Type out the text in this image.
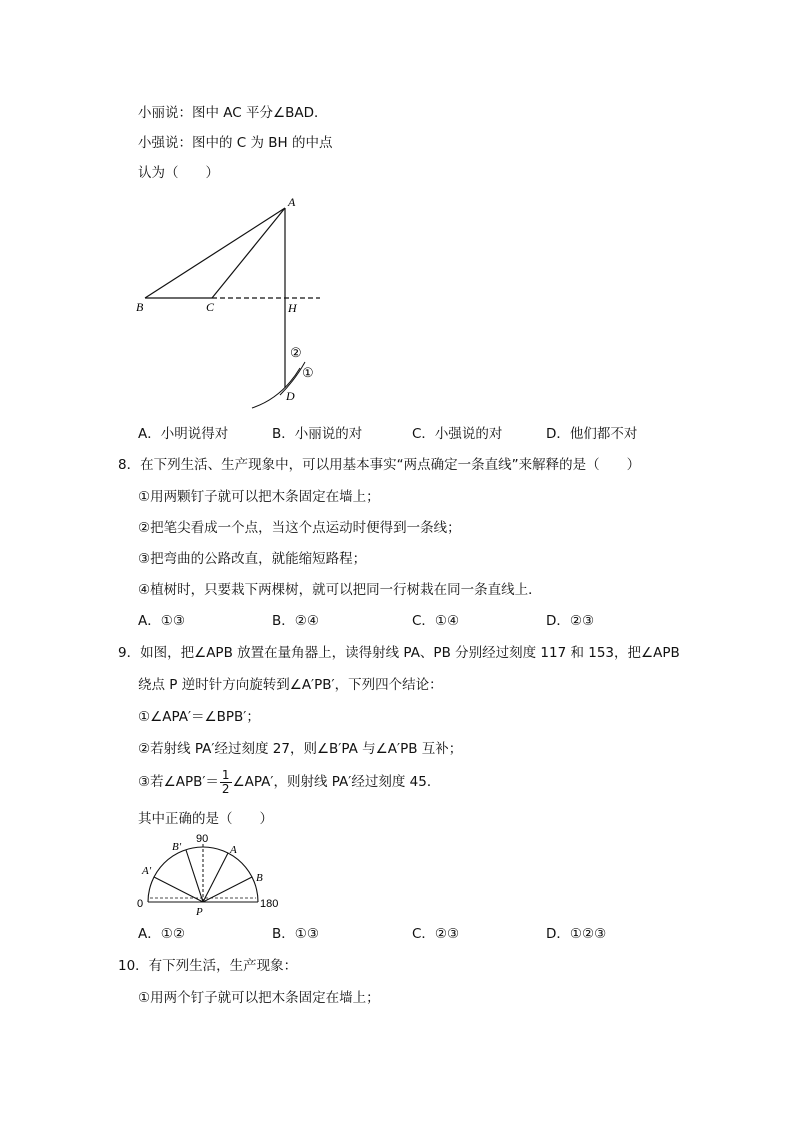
小丽说：图中 AC 平分∠BAD．
小强说：图中的 C 为 BH 的中点
认为（　　）
A
B	C	H
D
②
①
A．小明说得对	B．小丽说的对	C．小强说的对	D．他们都不对
8．在下列生活、生产现象中，可以用基本事实“两点确定一条直线”来解释的是（　　）
①用两颗钉子就可以把木条固定在墙上；
②把笔尖看成一个点，当这个点运动时便得到一条线；
③把弯曲的公路改直，就能缩短路程；
④植树时，只要栽下两棵树，就可以把同一行树栽在同一条直线上．
A．①③	B．②④	C．①④	D．②③
9．如图，把∠APB 放置在量角器上，读得射线 PA、PB 分别经过刻度 117 和 153，把∠APB
绕点 P 逆时针方向旋转到∠A′PB′，下列四个结论：
①∠APA′＝∠BPB′；
②若射线 PA′经过刻度 27，则∠B′PA 与∠A′PB 互补；
③若∠APB′＝ $\frac{1}{2}$ ∠APA′，则射线 PA′经过刻度 45．
其中正确的是（　　）
90
0	180
A
B
A′
B′
P
A．①②	B．①③	C．②③	D．①②③
10．有下列生活，生产现象：
①用两个钉子就可以把木条固定在墙上；
